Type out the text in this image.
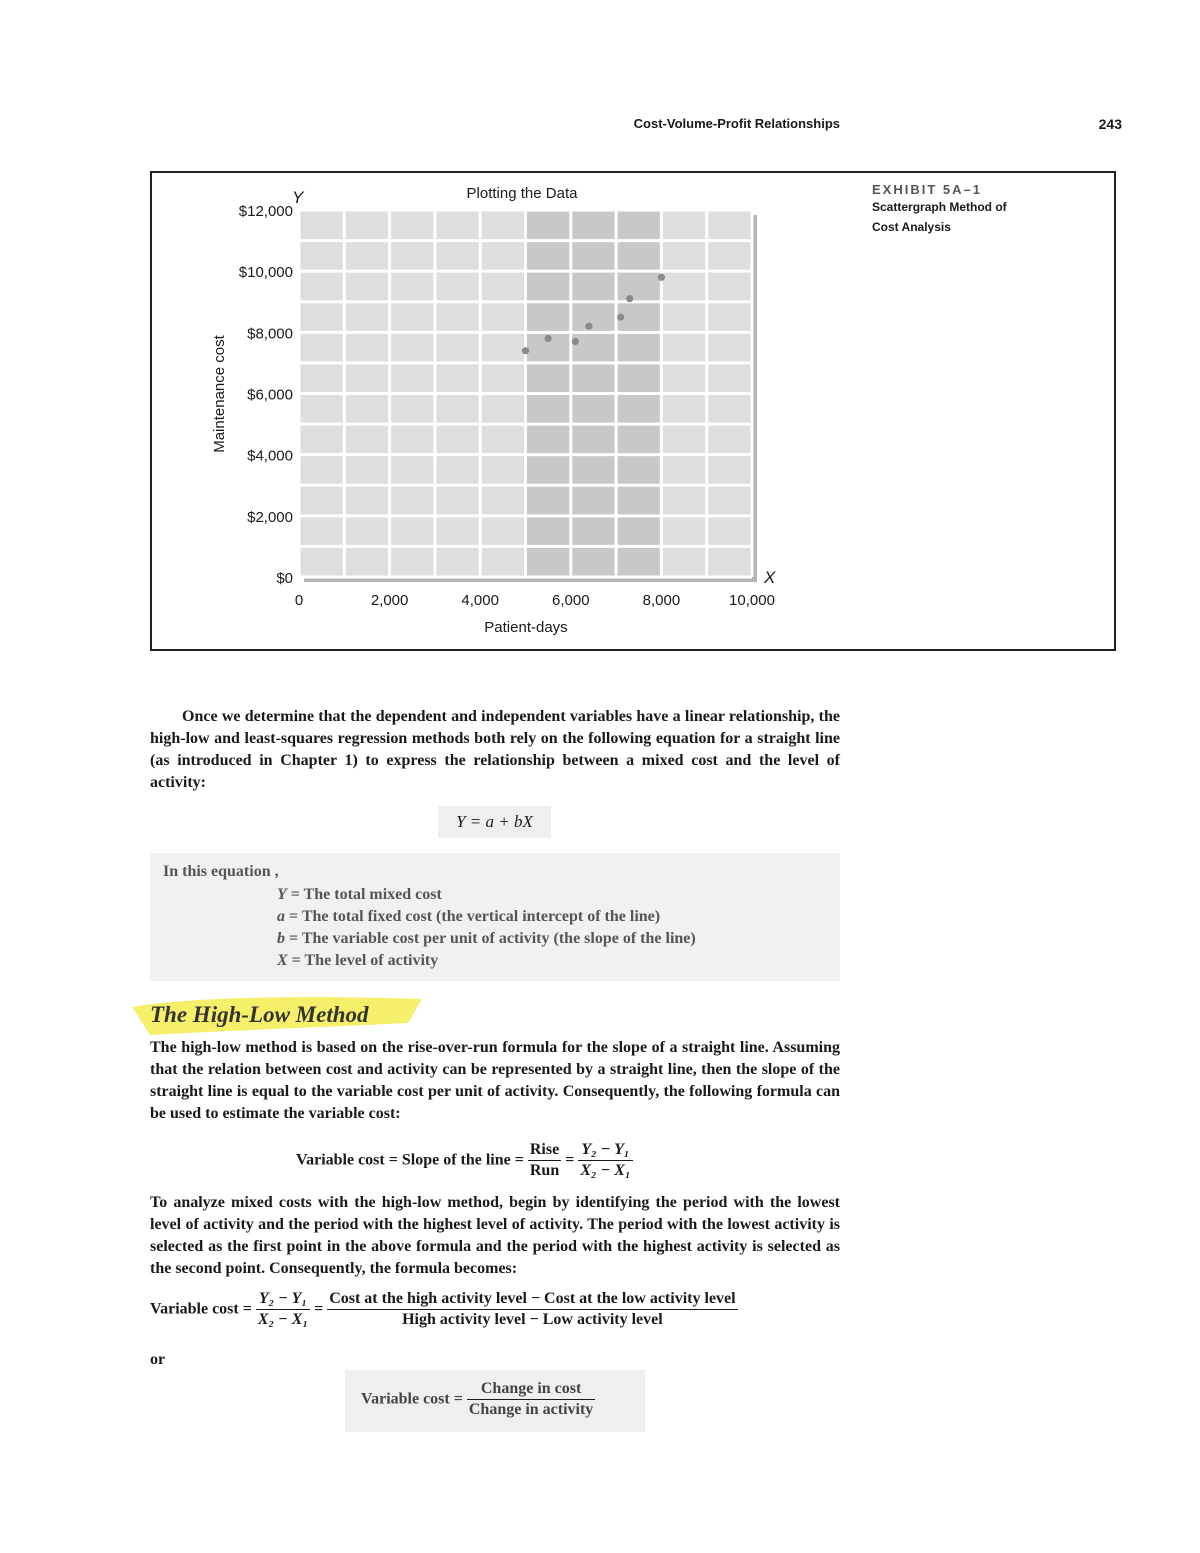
Cost-Volume-Profit Relationships	243
$0
$2,000
$4,000
$6,000
$8,000
$10,000
$12,000
0	2,000	4,000	6,000	8,000	10,000
Plotting the Data
Patient-days
Maintenance cost
Y
X
EXHIBIT 5A–1
Scattergraph Method of
Cost Analysis
Once we determine that the dependent and independent variables have a linear relationship, the high-low and least-squares regression methods both rely on the following equation for a straight line (as introduced in Chapter 1) to express the relationship between a mixed cost and the level of activity:
Y = a + bX
In this equation ,
Y = The total mixed cost
a = The total fixed cost (the vertical intercept of the line)
b = The variable cost per unit of activity (the slope of the line)
X = The level of activity
The High-Low Method
The high-low method is based on the rise-over-run formula for the slope of a straight line. Assuming that the relation between cost and activity can be represented by a straight line, then the slope of the straight line is equal to the variable cost per unit of activity. Consequently, the following formula can be used to estimate the variable cost:
Variable cost = Slope of the line = $\frac{\text{Rise}}{\text{Run}} = \frac{\text{Y₂ − Y₁}}{\text{X₂ − X₁}}$
To analyze mixed costs with the high-low method, begin by identifying the period with the lowest level of activity and the period with the highest level of activity. The period with the lowest activity is selected as the first point in the above formula and the period with the highest activity is selected as the second point. Consequently, the formula becomes:
Variable $\cos t = \frac{\text{Y₂ − Y₁}}{\text{X₂ − X₁}}$ =
Cost at the high activity level − Cost at the low activity level
High activity level − Low activity level
or
Variable $\cos t = \frac{\text{Change in cost}}{\text{Change in activity}}$
